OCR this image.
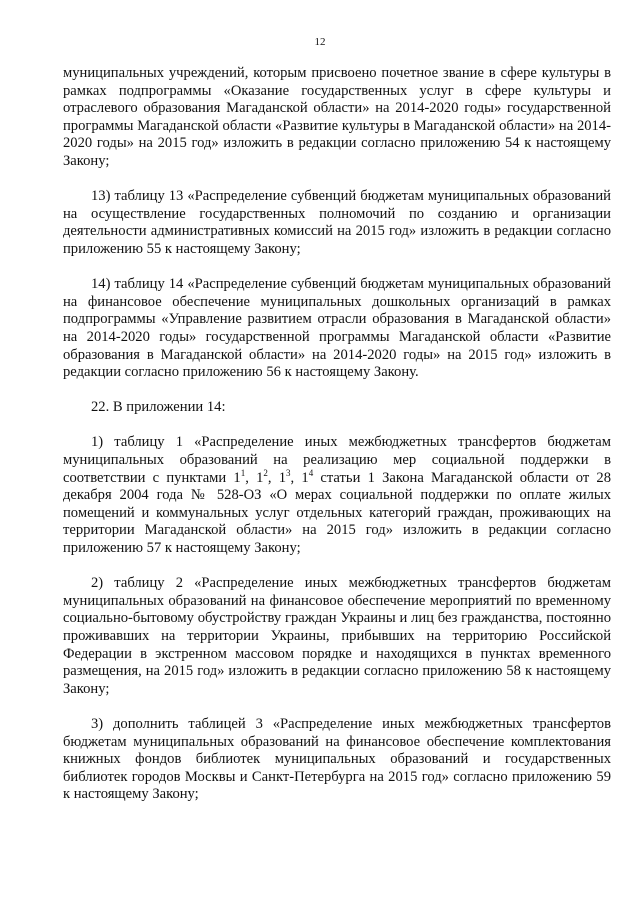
12

муниципальных учреждений, которым присвоено почетное звание в сфере культуры в рамках подпрограммы «Оказание государственных услуг в сфере культуры и отраслевого образования Магаданской области» на 2014-2020 годы» государственной программы Магаданской области «Развитие культуры в Магаданской области» на 2014-2020 годы» на 2015 год» изложить в редакции согласно приложению 54 к настоящему Закону;

13) таблицу 13 «Распределение субвенций бюджетам муниципальных образований на осуществление государственных полномочий по созданию и организации деятельности административных комиссий на 2015 год» изложить в редакции согласно приложению 55 к настоящему Закону;

14) таблицу 14 «Распределение субвенций бюджетам муниципальных образований на финансовое обеспечение муниципальных дошкольных организаций в рамках подпрограммы «Управление развитием отрасли образования в Магаданской области» на 2014-2020 годы» государственной программы Магаданской области «Развитие образования в Магаданской области» на 2014-2020 годы» на 2015 год» изложить в редакции согласно приложению 56 к настоящему Закону.

22. В приложении 14:

1) таблицу 1 «Распределение иных межбюджетных трансфертов бюджетам муниципальных образований на реализацию мер социальной поддержки в соответствии с пунктами $1^1$, $1^2$, $1^3$, $1^4$ статьи 1 Закона Магаданской области от 28 декабря 2004 года № 528-ОЗ «О мерах социальной поддержки по оплате жилых помещений и коммунальных услуг отдельных категорий граждан, проживающих на территории Магаданской области» на 2015 год» изложить в редакции согласно приложению 57 к настоящему Закону;

2) таблицу 2 «Распределение иных межбюджетных трансфертов бюджетам муниципальных образований на финансовое обеспечение мероприятий по временному социально-бытовому обустройству граждан Украины и лиц без гражданства, постоянно проживавших на территории Украины, прибывших на территорию Российской Федерации в экстренном массовом порядке и находящихся в пунктах временного размещения, на 2015 год» изложить в редакции согласно приложению 58 к настоящему Закону;

3) дополнить таблицей 3 «Распределение иных межбюджетных трансфертов бюджетам муниципальных образований на финансовое обеспечение комплектования книжных фондов библиотек муниципальных образований и государственных библиотек городов Москвы и Санкт-Петербурга на 2015 год» согласно приложению 59 к настоящему Закону;
